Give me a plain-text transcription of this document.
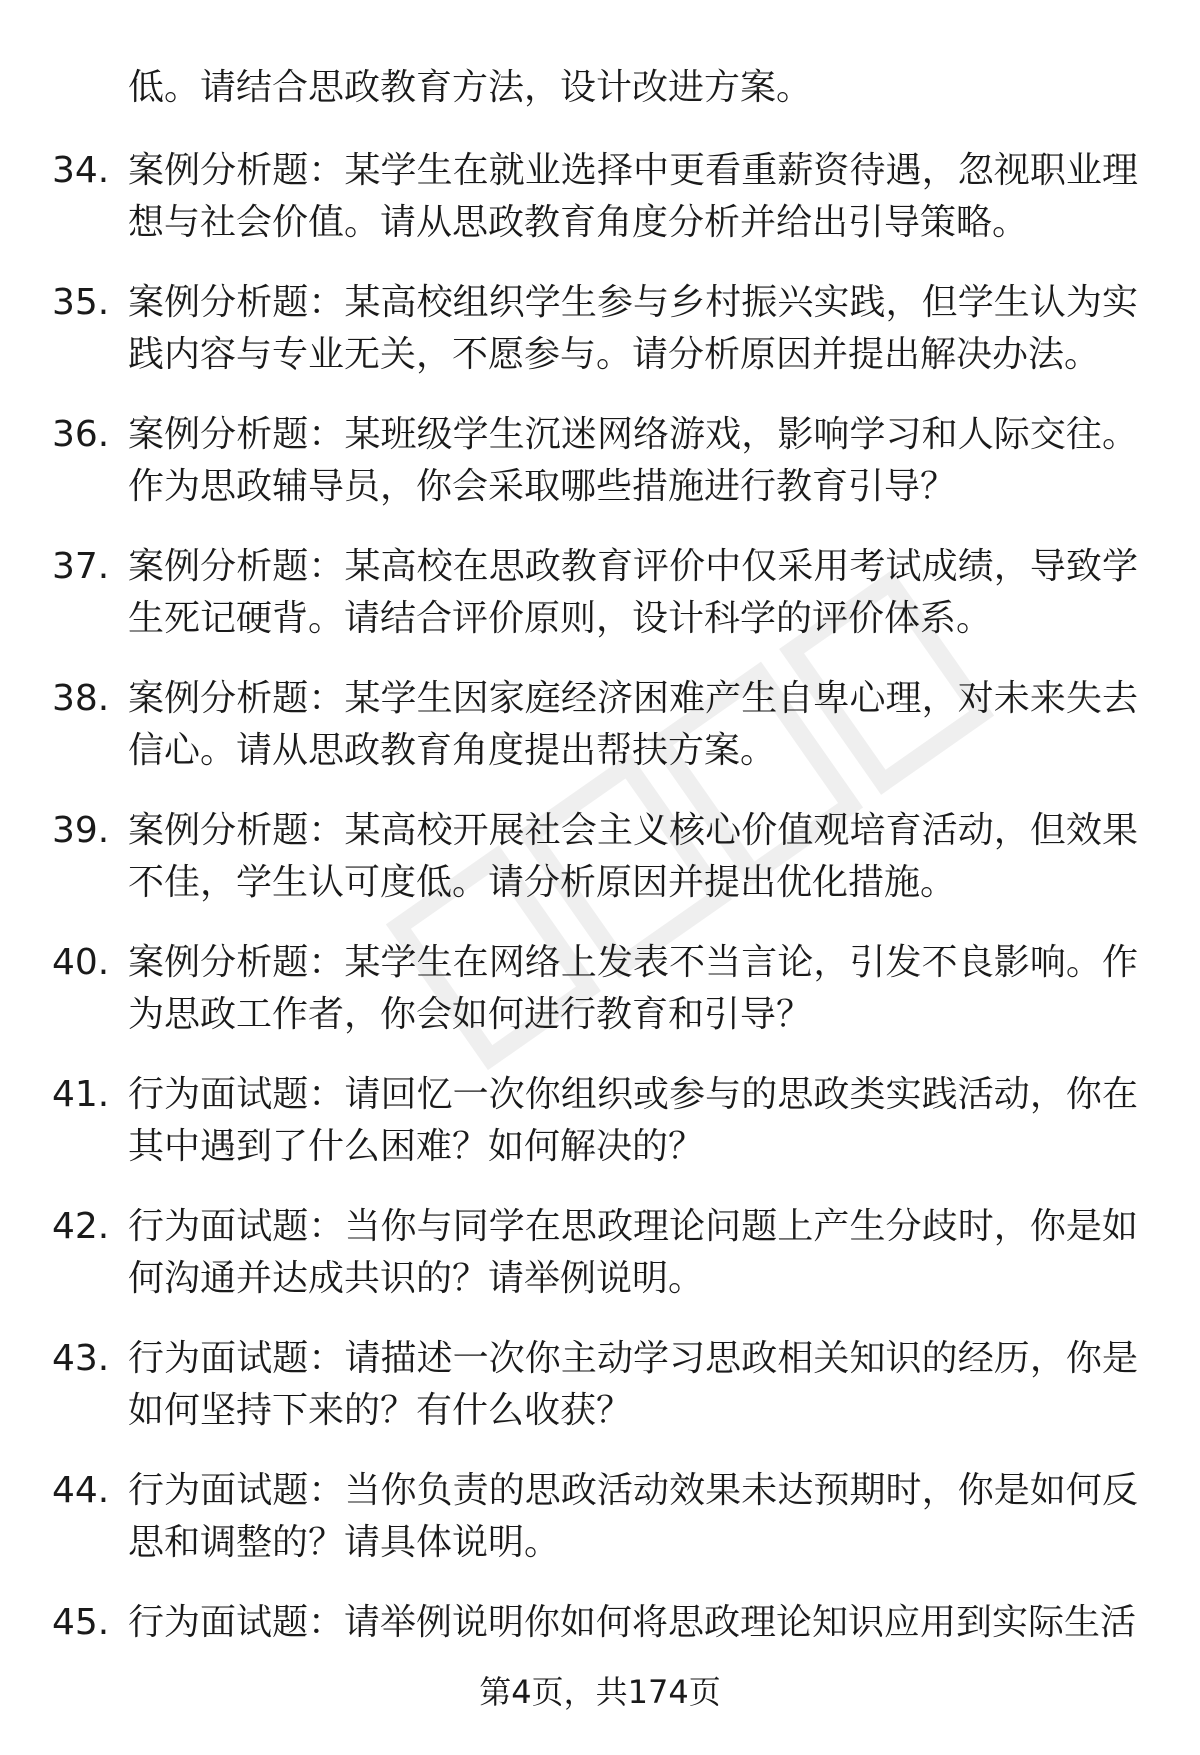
低。请结合思政教育方法，设计改进方案。

34. 案例分析题：某学生在就业选择中更看重薪资待遇，忽视职业理想与社会价值。请从思政教育角度分析并给出引导策略。
35. 案例分析题：某高校组织学生参与乡村振兴实践，但学生认为实践内容与专业无关，不愿参与。请分析原因并提出解决办法。
36. 案例分析题：某班级学生沉迷网络游戏，影响学习和人际交往。作为思政辅导员，你会采取哪些措施进行教育引导？
37. 案例分析题：某高校在思政教育评价中仅采用考试成绩，导致学生死记硬背。请结合评价原则，设计科学的评价体系。
38. 案例分析题：某学生因家庭经济困难产生自卑心理，对未来失去信心。请从思政教育角度提出帮扶方案。
39. 案例分析题：某高校开展社会主义核心价值观培育活动，但效果不佳，学生认可度低。请分析原因并提出优化措施。
40. 案例分析题：某学生在网络上发表不当言论，引发不良影响。作为思政工作者，你会如何进行教育和引导？
41. 行为面试题：请回忆一次你组织或参与的思政类实践活动，你在其中遇到了什么困难？如何解决的？
42. 行为面试题：当你与同学在思政理论问题上产生分歧时，你是如何沟通并达成共识的？请举例说明。
43. 行为面试题：请描述一次你主动学习思政相关知识的经历，你是如何坚持下来的？有什么收获？
44. 行为面试题：当你负责的思政活动效果未达预期时，你是如何反思和调整的？请具体说明。
45. 行为面试题：请举例说明你如何将思政理论知识应用到实际生活
第4页，共174页
